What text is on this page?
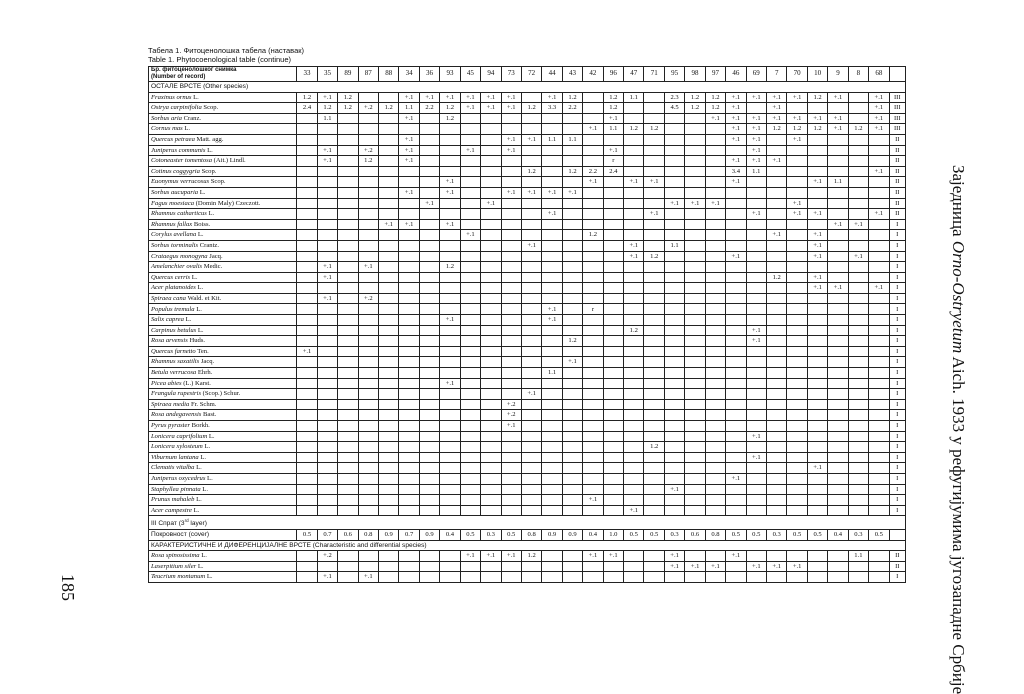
Табела 1. Фитоценолошка табела (наставак)
Table 1. Phytocoenological table (continue)
Бр. фитоценолошког снимка
(Number of record)	33	35	89	87	88	34	36	93	45	94	73	72	44	43	42	96	47	71	95	98	97	46	69	7	70	10	9	8	68	
ОСТАЛЕ ВРСТЕ (Other species)																														
Fraxinus ornus L.	1.2	+.1	1.2			+.1	+.1	+.1	+.1	+.1	+.1		+.1	1.2		1.2	1.1		2.3	1.2	1.2	+.1	+.1	+.1	+.1	1.2	+.1		+.1	III
Ostrya carpinifolia Scop.	2.4	1.2	1.2	+.2	1.2	1.1	2.2	1.2	+.1	+.1	+.1	1.2	3.3	2.2		1.2			4.5	1.2	1.2	+.1		+.1					+.1	III
Sorbus aria Cranz.		1.1				+.1		1.2								+.1					+.1	+.1	+.1	+.1	+.1	+.1	+.1		+.1	III
Cornus mas L.															+.1	1.1	1.2	1.2				+.1	+.1	1.2	1.2	1.2	+.1	1.2	+.1	III
Quercus petraea Matt. agg.						+.1					+.1	+.1	1.1	1.1								+.1	+.1		+.1					II
Juniperus communis L.		+.1		+.2		+.1			+.1		+.1					+.1							+.1							II
Cotoneaster tomentosa (Ait.) Lindl.		+.1		1.2		+.1										r						+.1	+.1	+.1						II
Cotinus coggygria Scop.												1.2		1.2	2.2	2.4						3.4	1.1						+.1	II
Euonymus verrucosus Scop.								+.1							+.1		+.1	+.1				+.1				+.1	1.1			II
Sorbus aucuparia L.						+.1		+.1			+.1	+.1	+.1	+.1																II
Fagus moesiaca (Domin Maly) Czeczott.							+.1			+.1									+.1	+.1	+.1				+.1					II
Rhamnus catharticus L.													+.1					+.1					+.1		+.1	+.1			+.1	II
Rhamnus fallax Boiss.					+.1	+.1		+.1																			+.1	+.1		I
Corylus avellana L.									+.1						1.2									+.1		+.1				I
Sorbus torminalis Crantz.												+.1					+.1		1.1							+.1				I
Crataegus monogyna Jacq.																	+.1	1.2				+.1				+.1		+.1		I
Amelanchier ovalis Medic.		+.1		+.1				1.2																						I
Quercus cerris L.		+.1																						1.2		+.1				I
Acer platanoides L.																										+.1	+.1		+.1	I
Spiraea cana Wald. et Kit.		+.1		+.2																										I
Populus tremula L.													+.1		r															I
Salix caprea L.								+.1					+.1																	I
Carpinus betulus L.																	1.2						+.1							I
Rosa arvensis Huds.														1.2									+.1							I
Quercus farnetto Ten.	+.1																													I
Rhamnus saxatilis Jacq.														+.1																I
Betula verrucosa Ehrh.													1.1																	I
Picea abies (L.) Karst.								+.1																						I
Frangula rupestris (Scop.) Schur.												+.1																		I
Spiraea media Fr. Schm.											+.2																			I
Rosa andegavensis Bast.											+.2																			I
Pyrus pyraster Borkh.											+.1																			I
Lonicera caprifolium L.																							+.1							I
Lonicera xylosteum L.																		1.2												I
Viburnum lantana L.																							+.1							I
Clematis vitalba L.																										+.1				I
Juniperus oxycedrus L.																						+.1								I
Staphyllea pinnata L.																			+.1											I
Prunus mahaleb L.															+.1															I
Acer campestre L.																	+.1													I
III Спрат (3rd layer)																														
Покровност (cover)	0.5	0.7	0.6	0.8	0.9	0.7	0.9	0.4	0.5	0.3	0.5	0.8	0.9	0.9	0.4	1.0	0.5	0.5	0.3	0.6	0.8	0.5	0.5	0.3	0.5	0.5	0.4	0.3	0.5	
КАРАКТЕРИСТИЧНЕ И ДИФЕРЕНЦИЈАЛНЕ ВРСТЕ (Characteristic and differential species)																														
Rosa spinosissima L.		+.2							+.1	+.1	+.1	1.2			+.1	+.1			+.1			+.1						1.1		II
Laserpitium siler L.																			+.1	+.1	+.1		+.1	+.1	+.1					II
Teucrium montanum L.		+.1		+.1																										I
185
Заједница Orno-Ostryetum Aich. 1933 у рефугијумима југозападне Србије
